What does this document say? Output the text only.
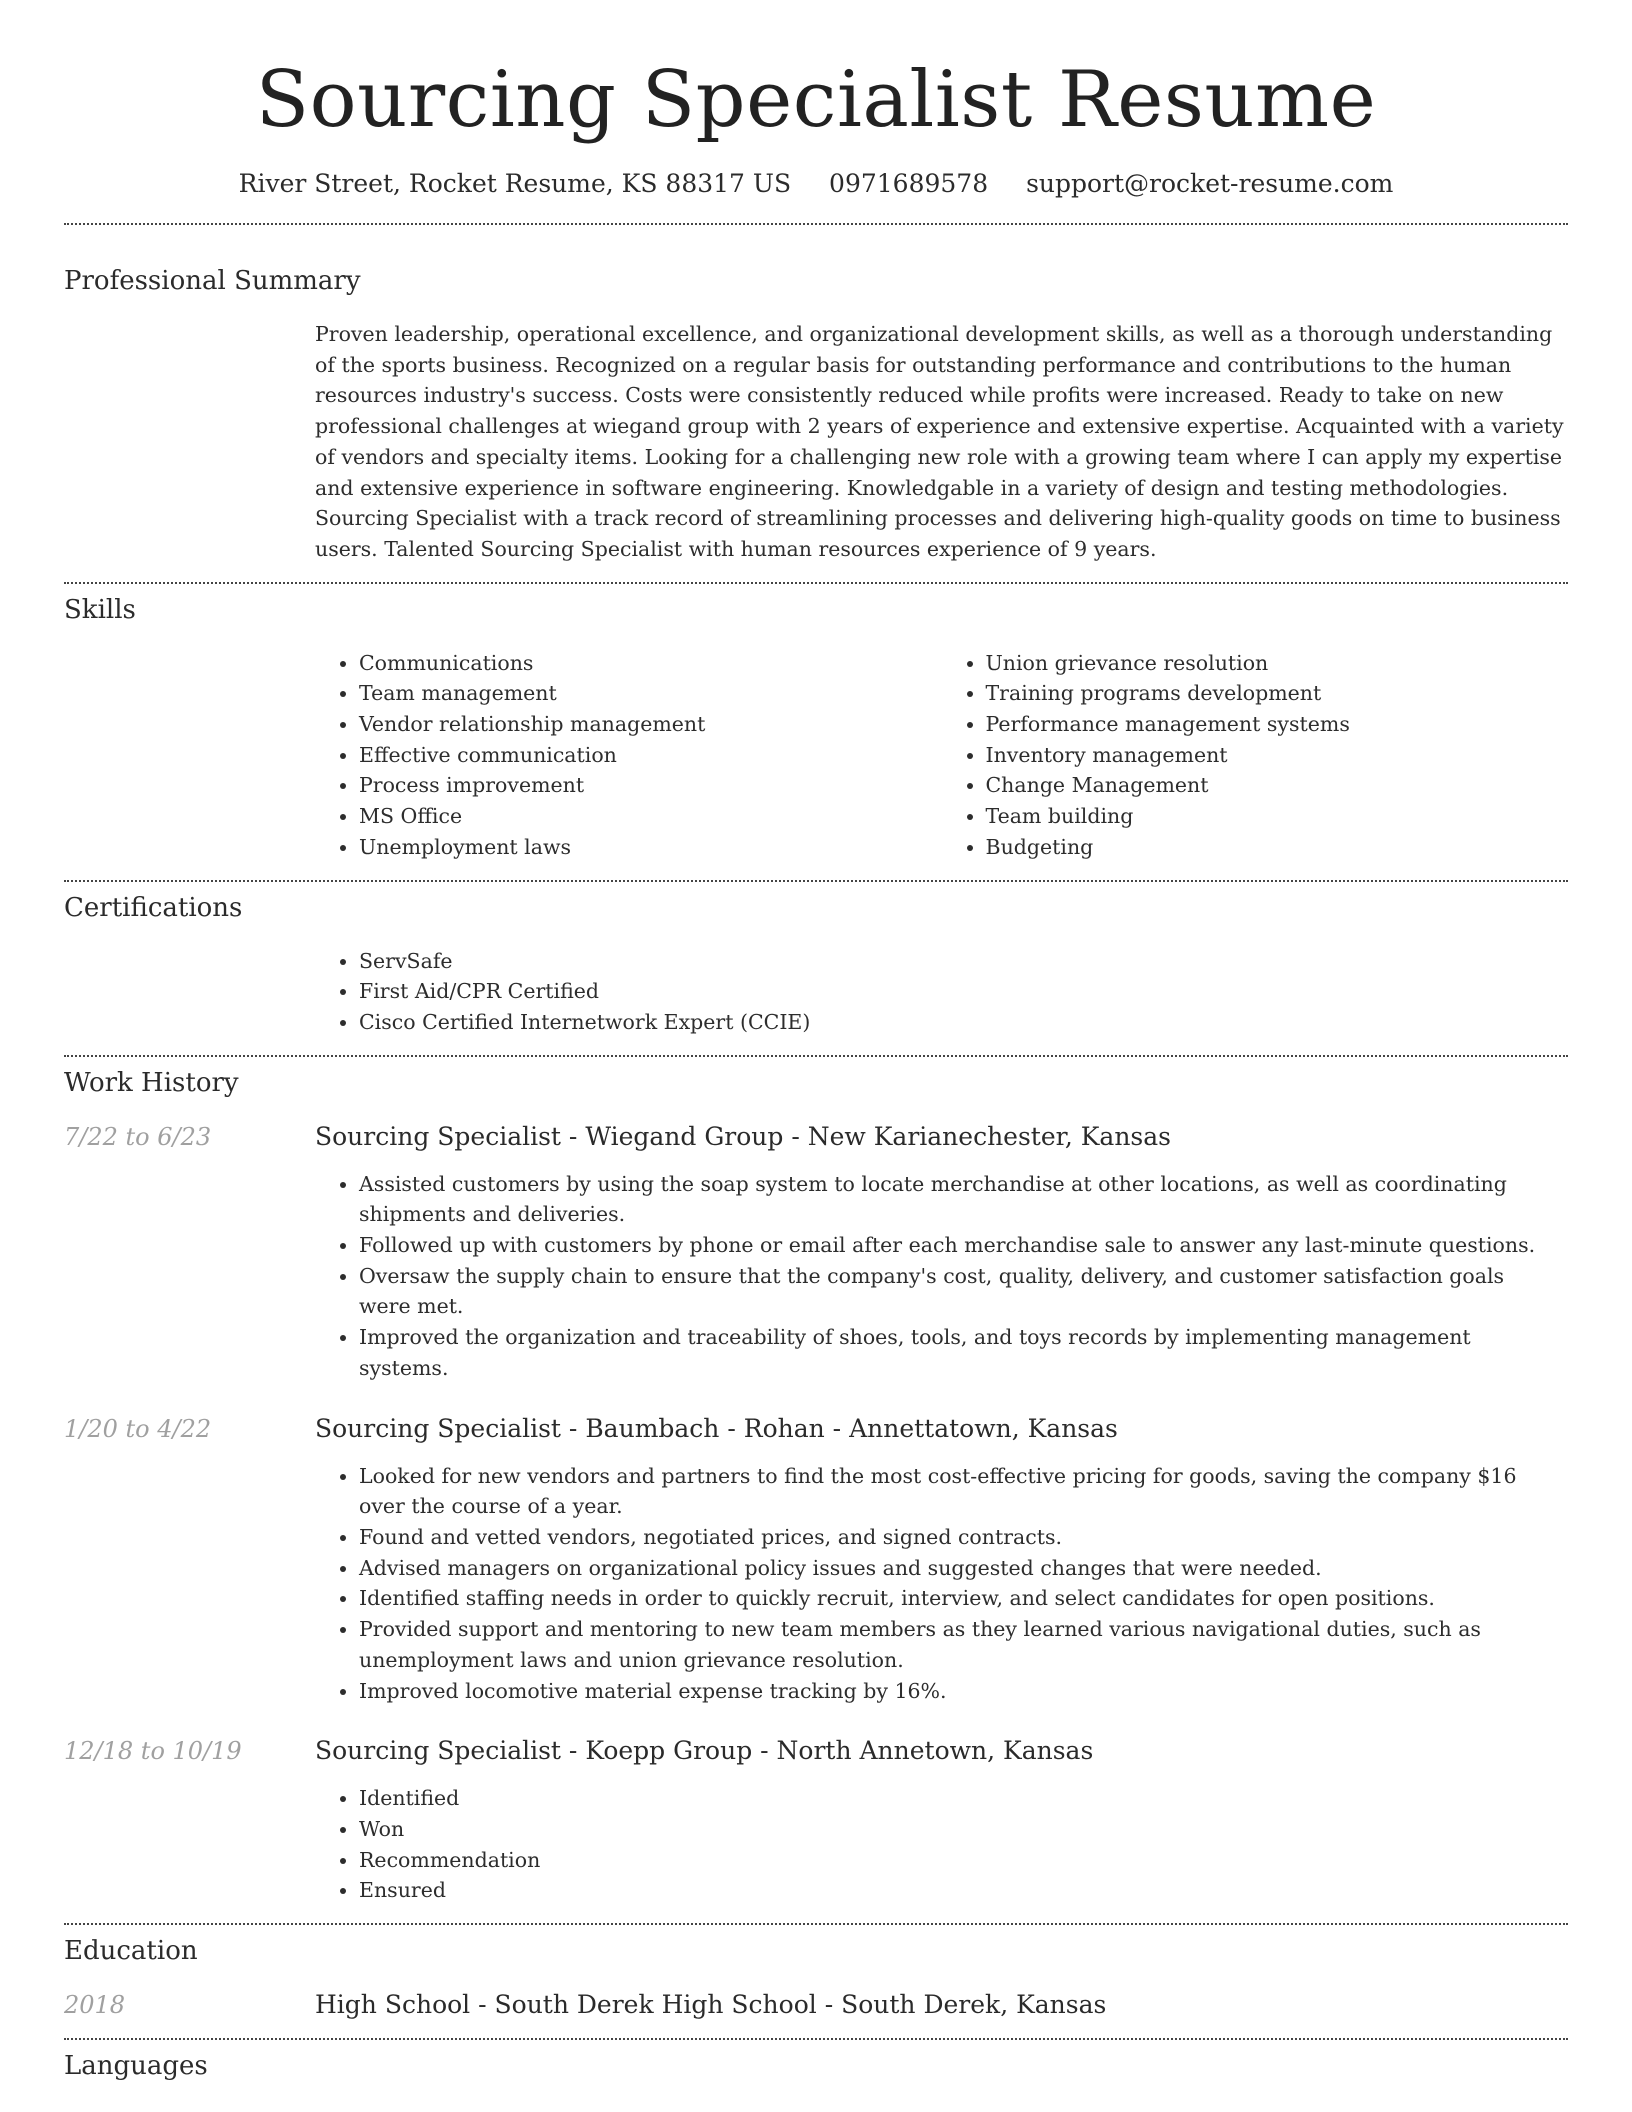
Sourcing Specialist Resume
River Street, Rocket Resume, KS 88317 US 0971689578 support@rocket-resume.com
Professional Summary
Proven leadership, operational excellence, and organizational development skills, as well as a thorough understanding of the sports business. Recognized on a regular basis for outstanding performance and contributions to the human resources industry's success. Costs were consistently reduced while profits were increased. Ready to take on new professional challenges at wiegand group with 2 years of experience and extensive expertise. Acquainted with a variety of vendors and specialty items. Looking for a challenging new role with a growing team where I can apply my expertise and extensive experience in software engineering. Knowledgable in a variety of design and testing methodologies. Sourcing Specialist with a track record of streamlining processes and delivering high-quality goods on time to business users. Talented Sourcing Specialist with human resources experience of 9 years.
Skills
• Communications
• Team management
• Vendor relationship management
• Effective communication
• Process improvement
• MS Office
• Unemployment laws
• Union grievance resolution
• Training programs development
• Performance management systems
• Inventory management
• Change Management
• Team building
• Budgeting
Certifications
• ServSafe
• First Aid/CPR Certified
• Cisco Certified Internetwork Expert (CCIE)
Work History
7/22 to 6/23	Sourcing Specialist - Wiegand Group - New Karianechester, Kansas
• Assisted customers by using the soap system to locate merchandise at other locations, as well as coordinating shipments and deliveries.
• Followed up with customers by phone or email after each merchandise sale to answer any last-minute questions.
• Oversaw the supply chain to ensure that the company's cost, quality, delivery, and customer satisfaction goals were met.
• Improved the organization and traceability of shoes, tools, and toys records by implementing management systems.
1/20 to 4/22	Sourcing Specialist - Baumbach - Rohan - Annettatown, Kansas
• Looked for new vendors and partners to find the most cost-effective pricing for goods, saving the company $16 over the course of a year.
• Found and vetted vendors, negotiated prices, and signed contracts.
• Advised managers on organizational policy issues and suggested changes that were needed.
• Identified staffing needs in order to quickly recruit, interview, and select candidates for open positions.
• Provided support and mentoring to new team members as they learned various navigational duties, such as unemployment laws and union grievance resolution.
• Improved locomotive material expense tracking by 16%.
12/18 to 10/19	Sourcing Specialist - Koepp Group - North Annetown, Kansas
• Identified
• Won
• Recommendation
• Ensured
Education
2018	High School - South Derek High School - South Derek, Kansas
Languages
